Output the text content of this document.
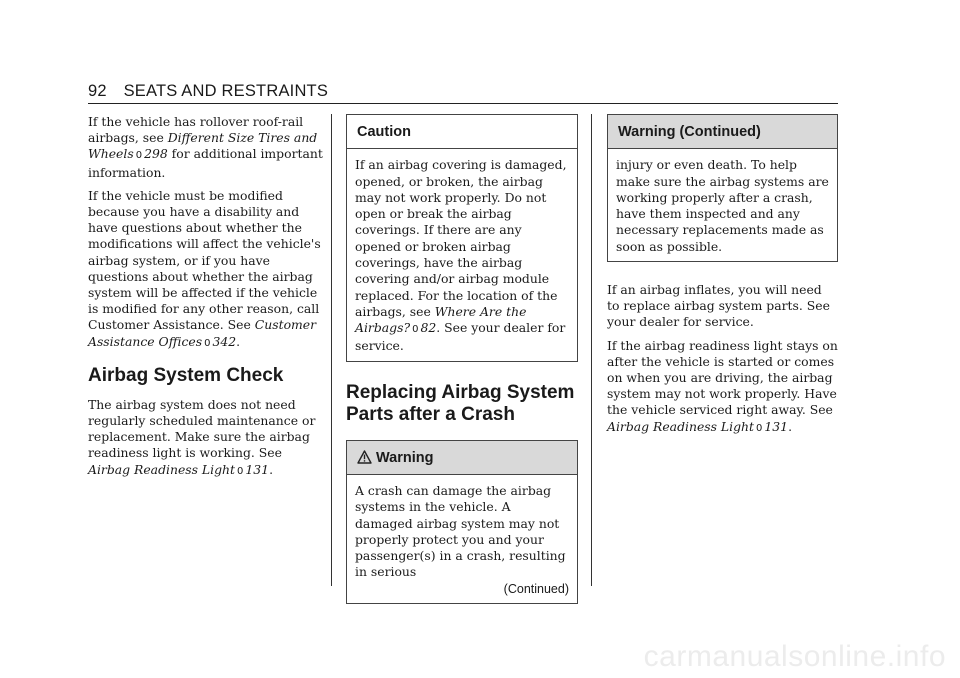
92 SEATS AND RESTRAINTS

If the vehicle has rollover roof-rail airbags, see Different Size Tires and Wheels 0 298 for additional important information.

If the vehicle must be modified because you have a disability and have questions about whether the modifications will affect the vehicle's airbag system, or if you have questions about whether the airbag system will be affected if the vehicle is modified for any other reason, call Customer Assistance. See Customer Assistance Offices 0 342.

Airbag System Check

The airbag system does not need regularly scheduled maintenance or replacement. Make sure the airbag readiness light is working. See Airbag Readiness Light 0 131.

Caution
If an airbag covering is damaged, opened, or broken, the airbag may not work properly. Do not open or break the airbag coverings. If there are any opened or broken airbag coverings, have the airbag covering and/or airbag module replaced. For the location of the airbags, see Where Are the Airbags? 0 82. See your dealer for service.
Replacing Airbag System Parts after a Crash
Warning
A crash can damage the airbag systems in the vehicle. A damaged airbag system may not properly protect you and your passenger(s) in a crash, resulting in serious
(Continued)
Warning (Continued)
injury or even death. To help make sure the airbag systems are working properly after a crash, have them inspected and any necessary replacements made as soon as possible.

If an airbag inflates, you will need to replace airbag system parts. See your dealer for service.

If the airbag readiness light stays on after the vehicle is started or comes on when you are driving, the airbag system may not work properly. Have the vehicle serviced right away. See Airbag Readiness Light 0 131.

carmanualsonline.info
